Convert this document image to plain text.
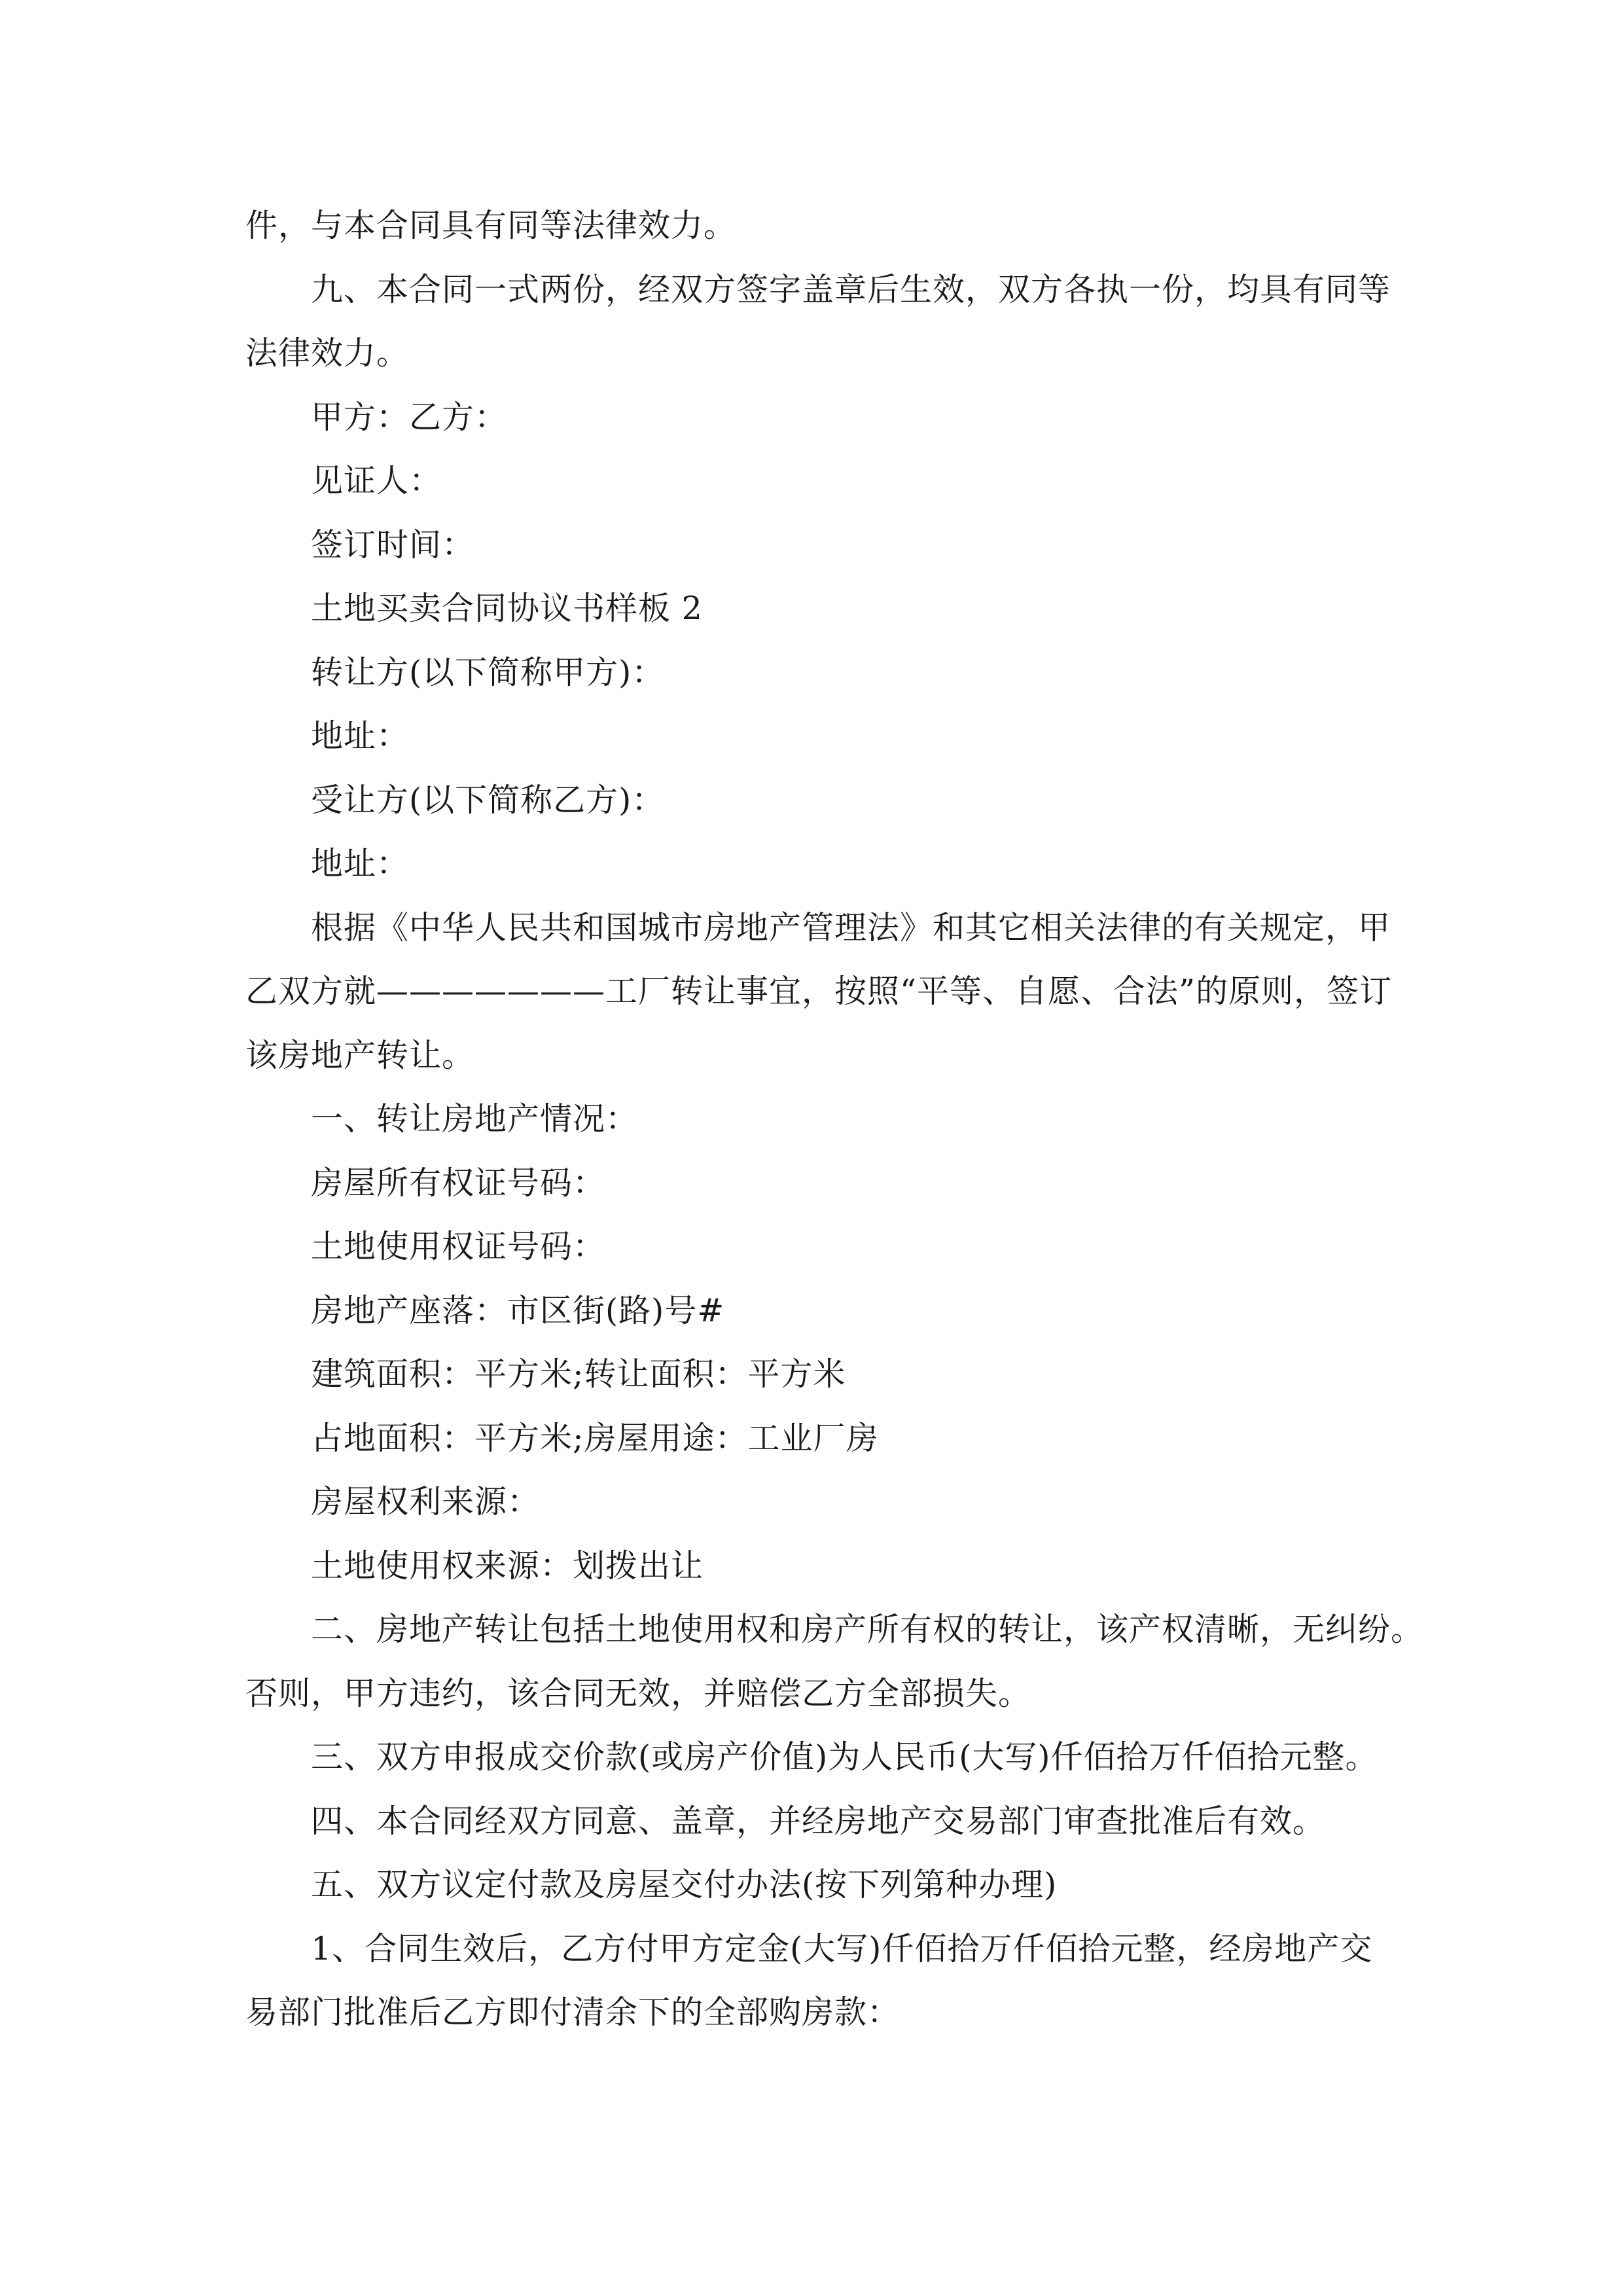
件，与本合同具有同等法律效力。
九、本合同一式两份，经双方签字盖章后生效，双方各执一份，均具有同等
法律效力。
甲方：乙方：
见证人：
签订时间：
土地买卖合同协议书样板 2
转让方(以下简称甲方)：
地址：
受让方(以下简称乙方)：
地址：
根据《中华人民共和国城市房地产管理法》和其它相关法律的有关规定，甲
乙双方就———————工厂转让事宜，按照“平等、自愿、合法”的原则，签订
该房地产转让。
一、转让房地产情况：
房屋所有权证号码：
土地使用权证号码：
房地产座落：市区街(路)号#
建筑面积：平方米;转让面积：平方米
占地面积：平方米;房屋用途：工业厂房
房屋权利来源：
土地使用权来源：划拨出让
二、房地产转让包括土地使用权和房产所有权的转让，该产权清晰，无纠纷。
否则，甲方违约，该合同无效，并赔偿乙方全部损失。
三、双方申报成交价款(或房产价值)为人民币(大写)仟佰拾万仟佰拾元整。
四、本合同经双方同意、盖章，并经房地产交易部门审查批准后有效。
五、双方议定付款及房屋交付办法(按下列第种办理)
1、合同生效后，乙方付甲方定金(大写)仟佰拾万仟佰拾元整，经房地产交
易部门批准后乙方即付清余下的全部购房款：
